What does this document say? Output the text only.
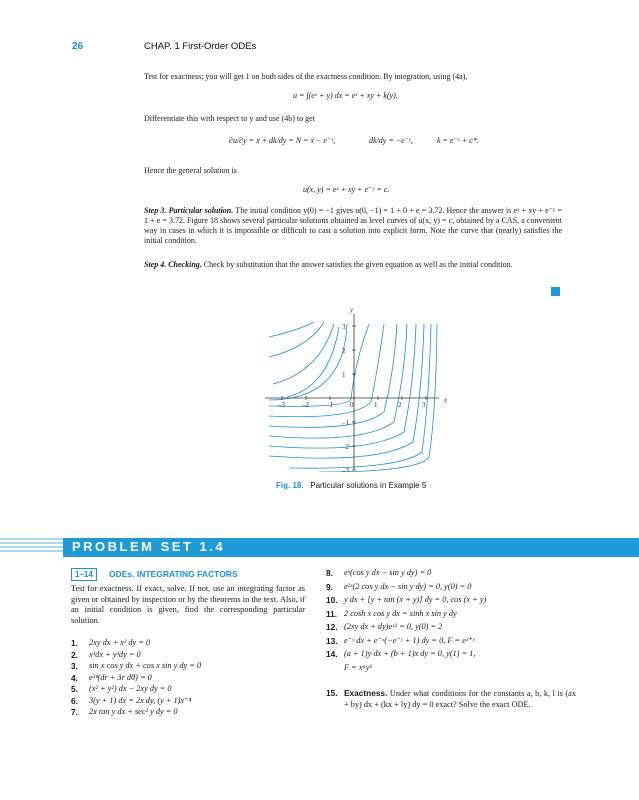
26	CHAP. 1 First-Order ODEs
Test for exactness; you will get 1 on both sides of the exactness condition. By integration, using (4a),
u = ∫(eˣ + y) dx = eˣ + xy + k(y).
Differentiate this with respect to y and use (4b) to get
∂u/∂y = x + dk/dy = N = x − e⁻ʸ,	dk/dy = −e⁻ʸ,	k = e⁻ʸ + c*.
Hence the general solution is
u(x, y) = eˣ + xy + e⁻ʸ = c.
Step 3. Particular solution. The initial condition y(0) = −1 gives u(0, −1) = 1 + 0 + e = 3.72. Hence the answer is eˣ + xy + e⁻ʸ = 1 + e = 3.72. Figure 18 shows several particular solutions obtained as level curves of u(x, y) = c, obtained by a CAS, a convenient way in cases in which it is impossible or difficult to cast a solution into explicit form. Note the curve that (nearly) satisfies the initial condition.
Step 4. Checking. Check by substitution that the answer satisfies the given equation as well as the initial condition.
–3 –2 –1 0	1	2	3
3
2
1
–1
–2
–3
x
y
Fig. 18. Particular solutions in Example 5
PROBLEM SET 1.4
1–14	ODEs. INTEGRATING FACTORS
Test for exactness. If exact, solve. If not, use an integrating factor as given or obtained by inspection or by the theorems in the text. Also, if an initial condition is given, find the corresponding particular solution.
1.	2xy dx + x² dy = 0
2.	x³dx + y³dy = 0
3.	sin x cos y dx + cos x sin y dy = 0
4.	e³ᶿ(dr + 3r dθ) = 0
5.	(x² + y²) dx − 2xy dy = 0
6.	3(y + 1) dx = 2x dy, (y + 1)x⁻⁴
7.	2x tan y dx + sec² y dy = 0
8.	eˣ(cos y dx − sin y dy) = 0
9.	e²ˣ(2 cos y dx − sin y dy) = 0, y(0) = 0
10. y dx + [y + tan (x + y)] dy = 0, cos (x + y)
11. 2 cosh x cos y dx = sinh x sin y dy
12. (2xy dx + dy)eˣ² = 0, y(0) = 2
13. e⁻ʸ dx + e⁻ˣ(−e⁻ʸ + 1) dy = 0, F = eˣ⁺ʸ
14. (a + 1)y dx + (b + 1)x dy = 0, y(1) = 1,
F = xᵃyᵇ
15. Exactness. Under what conditions for the constants a, b, k, l is (ax + by) dx + (kx + ly) dy = 0 exact? Solve the exact ODE.
